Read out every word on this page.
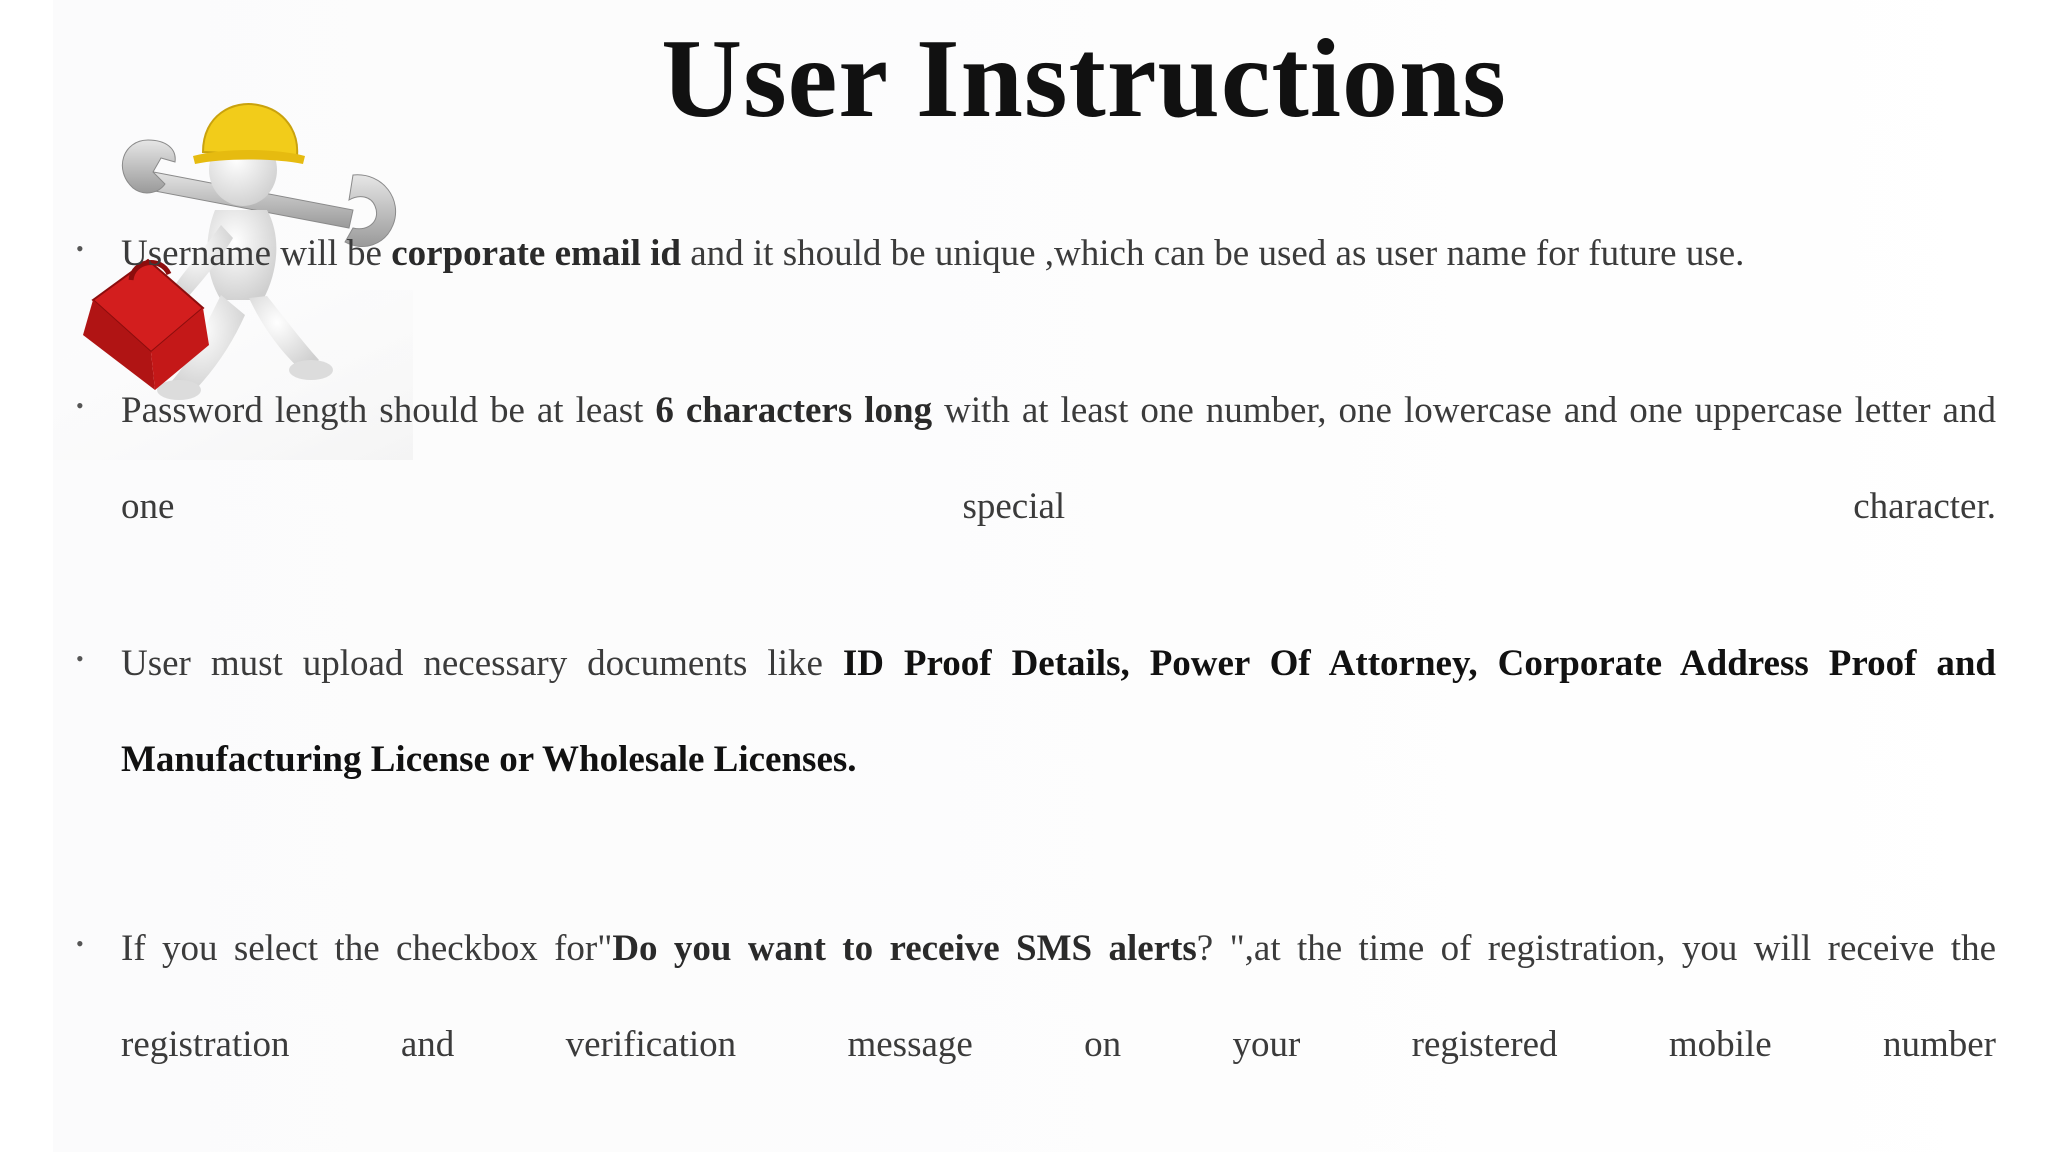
User Instructions
• Username will be corporate email id and it should be unique ,which can be used as user name for future use.
• Password length should be at least 6 characters long with at least one number, one lowercase and one uppercase letter and one special character.
• User must upload necessary documents like ID Proof Details, Power Of Attorney, Corporate Address Proof and Manufacturing License or Wholesale Licenses.
• If you select the checkbox for"Do you want to receive SMS alerts? ",at the time of registration, you will receive the registration and verification message on your registered mobile number
